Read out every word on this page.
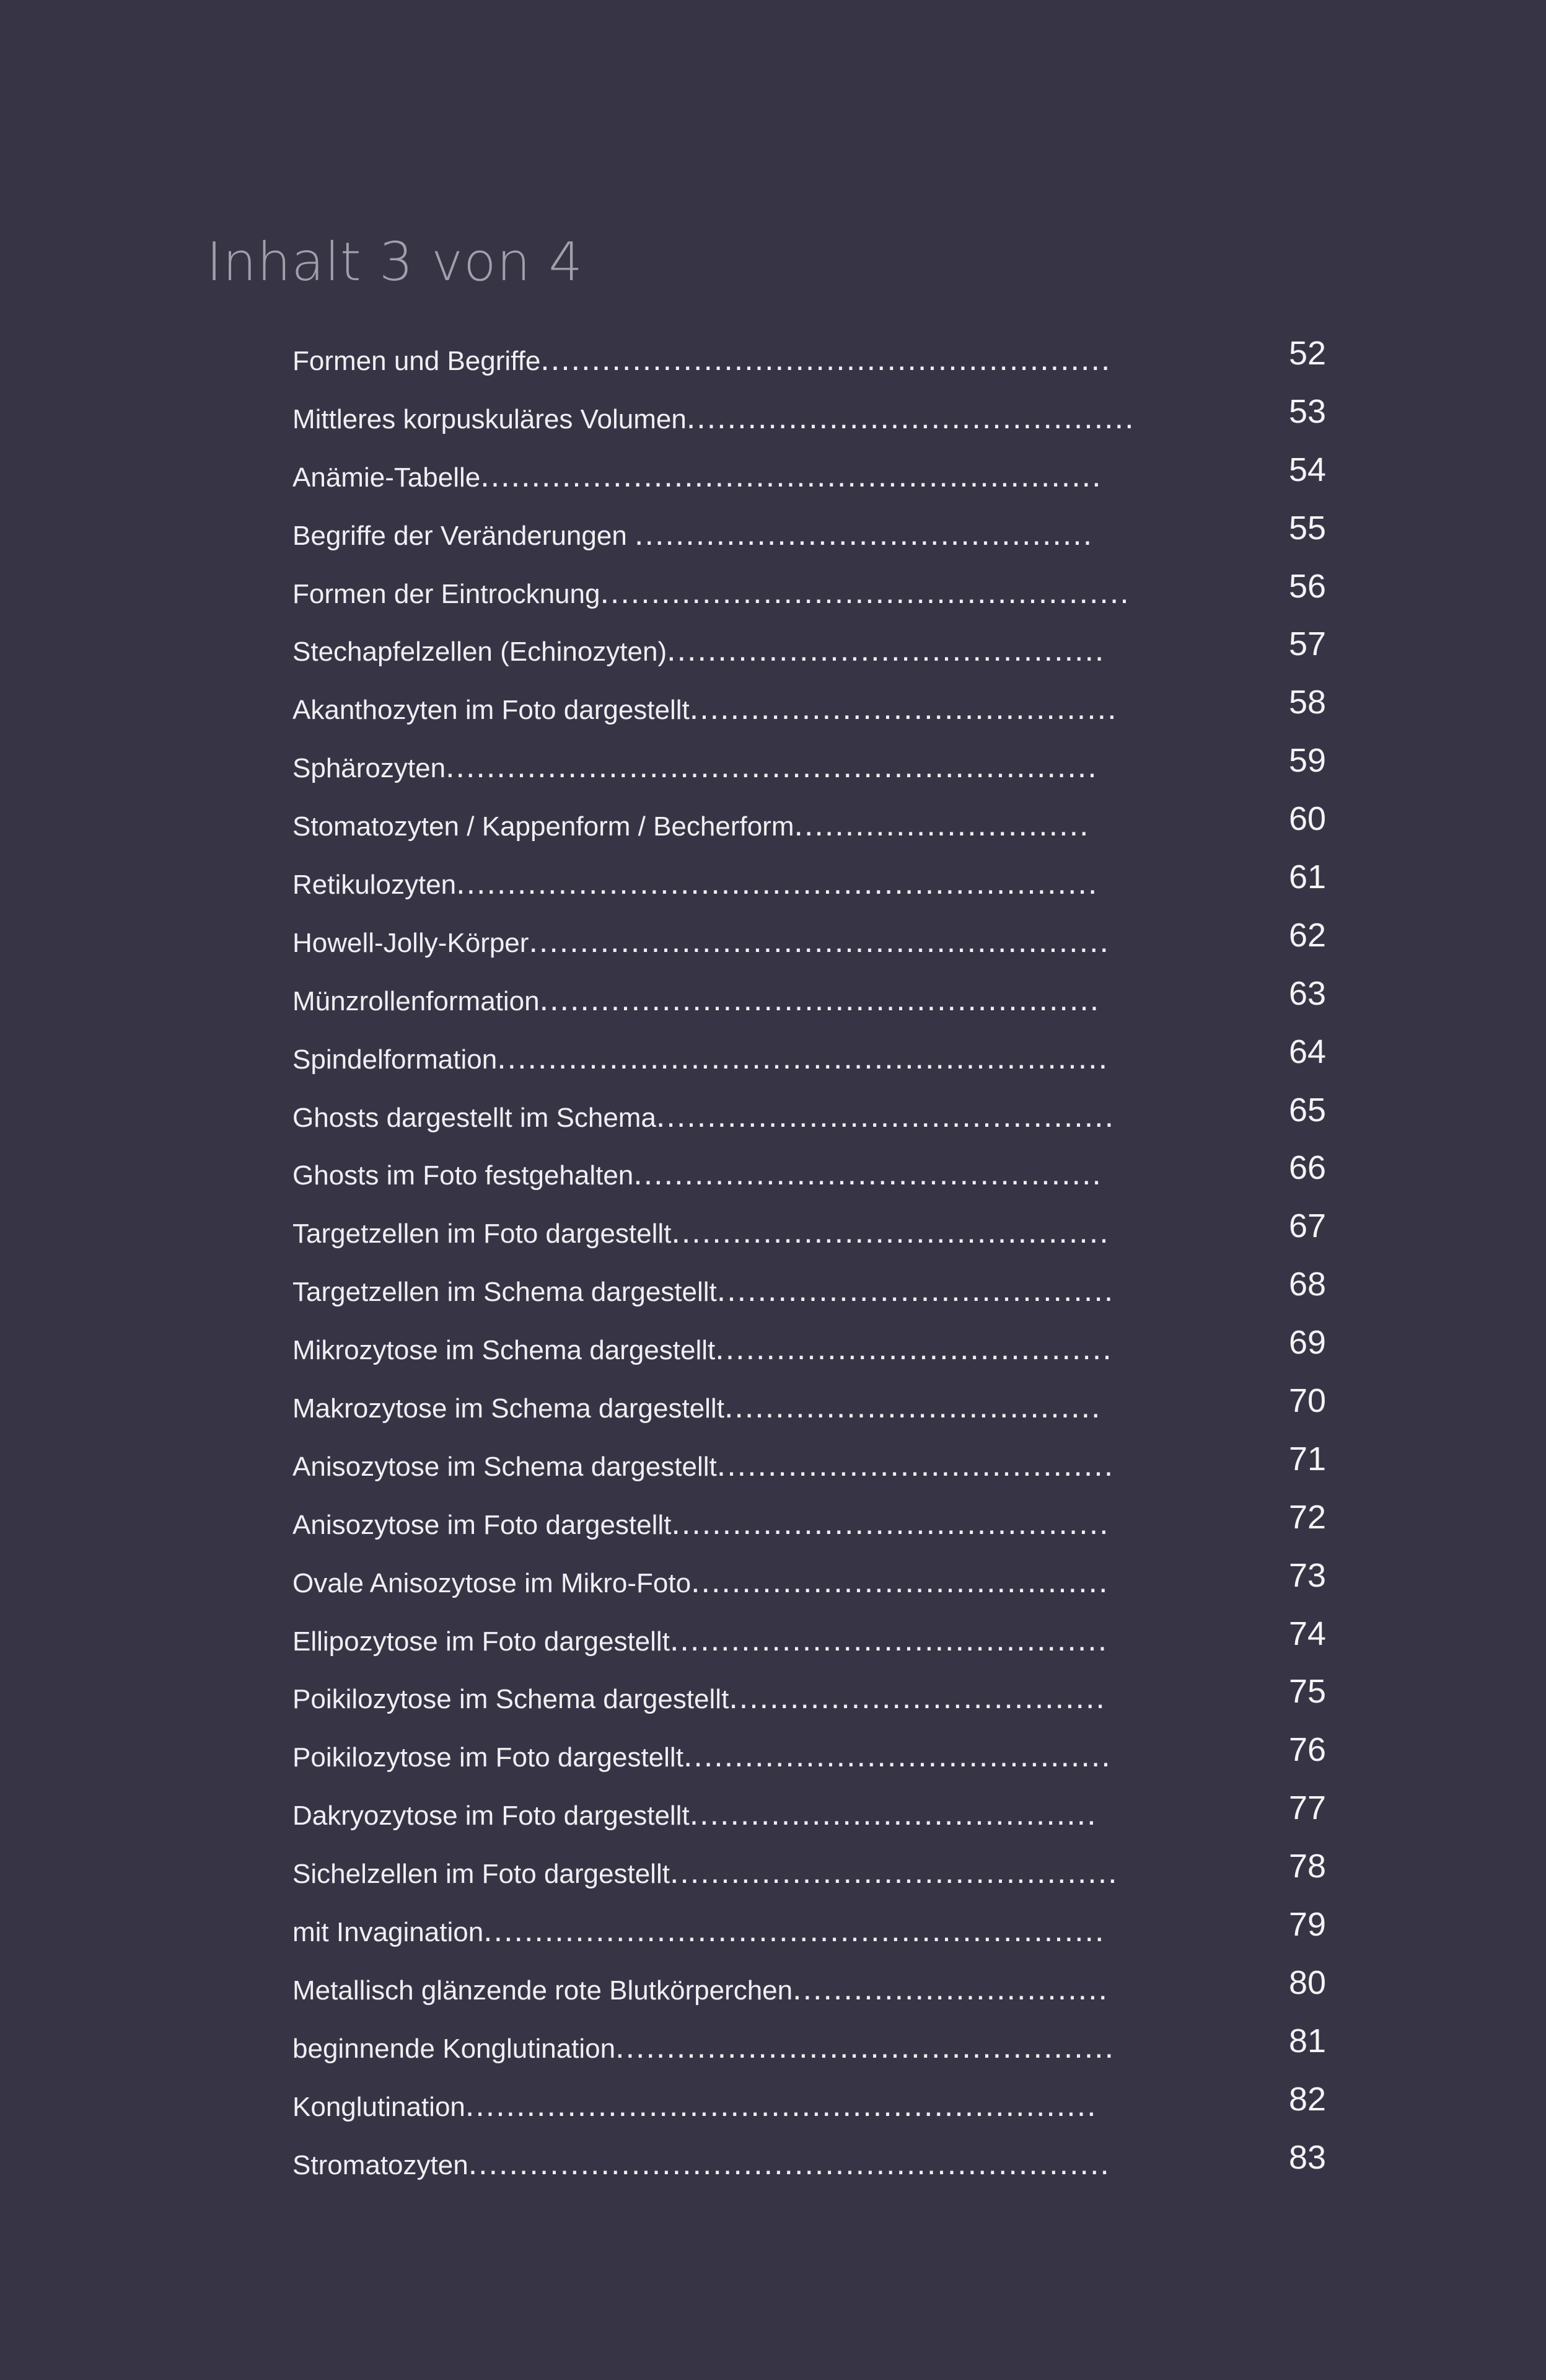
Inhalt 3 von 4
Formen und Begriffe........................................................	52
Mittleres korpuskuläres Volumen............................................	53
Anämie-Tabelle.............................................................	54
Begriffe der Veränderungen .............................................	55
Formen der Eintrocknung....................................................	56
Stechapfelzellen (Echinozyten)...........................................	57
Akanthozyten im Foto dargestellt..........................................	58
Sphärozyten................................................................	59
Stomatozyten / Kappenform / Becherform.............................	60
Retikulozyten...............................................................	61
Howell-Jolly-Körper.........................................................	62
Münzrollenformation.......................................................	63
Spindelformation............................................................	64
Ghosts dargestellt im Schema.............................................	65
Ghosts im Foto festgehalten..............................................	66
Targetzellen im Foto dargestellt...........................................	67
Targetzellen im Schema dargestellt.......................................	68
Mikrozytose im Schema dargestellt.......................................	69
Makrozytose im Schema dargestellt.....................................	70
Anisozytose im Schema dargestellt.......................................	71
Anisozytose im Foto dargestellt...........................................	72
Ovale Anisozytose im Mikro-Foto.........................................	73
Ellipozytose im Foto dargestellt...........................................	74
Poikilozytose im Schema dargestellt.....................................	75
Poikilozytose im Foto dargestellt..........................................	76
Dakryozytose im Foto dargestellt........................................	77
Sichelzellen im Foto dargestellt............................................	78
mit Invagination.............................................................	79
Metallisch glänzende rote Blutkörperchen...............................	80
beginnende Konglutination.................................................	81
Konglutination..............................................................	82
Stromatozyten...............................................................	83
